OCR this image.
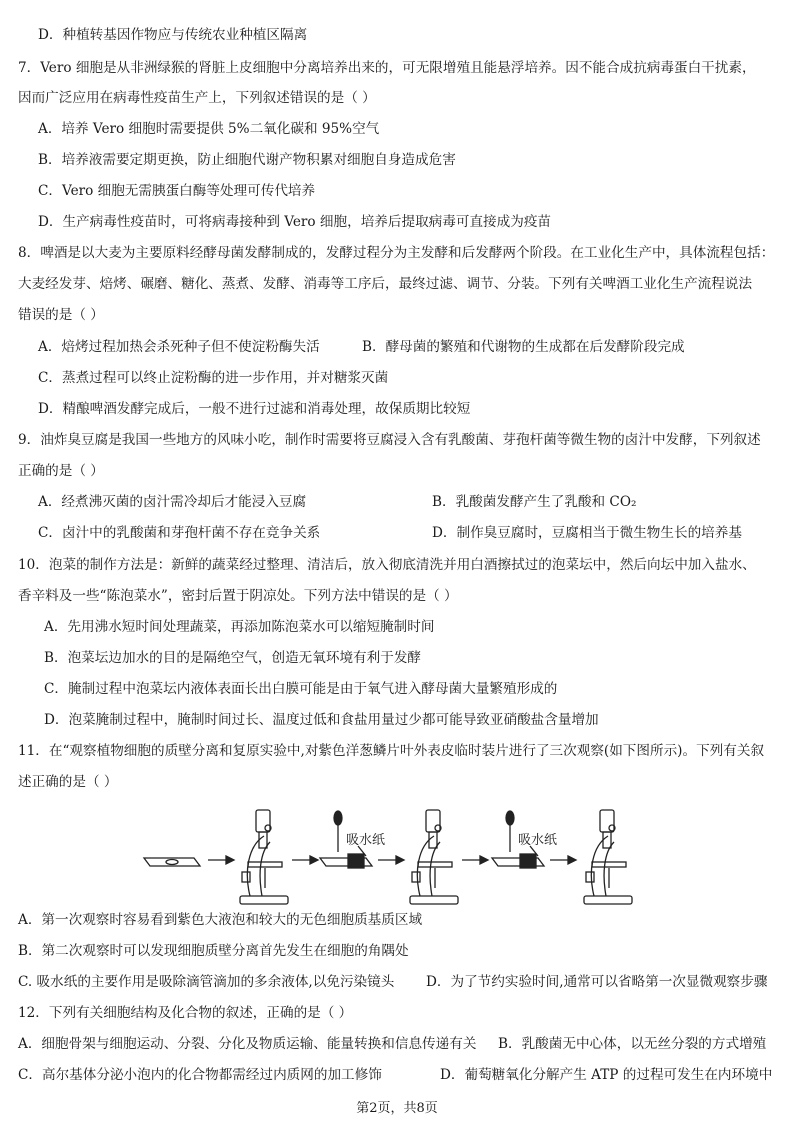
D．种植转基因作物应与传统农业种植区隔离
7．Vero 细胞是从非洲绿猴的肾脏上皮细胞中分离培养出来的，可无限增殖且能悬浮培养。因不能合成抗病毒蛋白干扰素，
因而广泛应用在病毒性疫苗生产上，下列叙述错误的是（ ）
A．培养 Vero 细胞时需要提供 5%二氧化碳和 95%空气
B．培养液需要定期更换，防止细胞代谢产物积累对细胞自身造成危害
C．Vero 细胞无需胰蛋白酶等处理可传代培养
D．生产病毒性疫苗时，可将病毒接种到 Vero 细胞，培养后提取病毒可直接成为疫苗
8．啤酒是以大麦为主要原料经酵母菌发酵制成的，发酵过程分为主发酵和后发酵两个阶段。在工业化生产中，具体流程包括：
大麦经发芽、焙烤、碾磨、糖化、蒸煮、发酵、消毒等工序后，最终过滤、调节、分装。下列有关啤酒工业化生产流程说法
错误的是（ ）
A．焙烤过程加热会杀死种子但不使淀粉酶失活	B．酵母菌的繁殖和代谢物的生成都在后发酵阶段完成
C．蒸煮过程可以终止淀粉酶的进一步作用，并对糖浆灭菌
D．精酿啤酒发酵完成后，一般不进行过滤和消毒处理，故保质期比较短
9．油炸臭豆腐是我国一些地方的风味小吃，制作时需要将豆腐浸入含有乳酸菌、芽孢杆菌等微生物的卤汁中发酵，下列叙述
正确的是（ ）
A．经煮沸灭菌的卤汁需冷却后才能浸入豆腐	B．乳酸菌发酵产生了乳酸和 CO₂
C．卤汁中的乳酸菌和芽孢杆菌不存在竞争关系	D．制作臭豆腐时，豆腐相当于微生物生长的培养基
10．泡菜的制作方法是：新鲜的蔬菜经过整理、清洁后，放入彻底清洗并用白酒擦拭过的泡菜坛中，然后向坛中加入盐水、
香辛料及一些“陈泡菜水”，密封后置于阴凉处。下列方法中错误的是（ ）
A．先用沸水短时间处理蔬菜，再添加陈泡菜水可以缩短腌制时间
B．泡菜坛边加水的目的是隔绝空气，创造无氧环境有利于发酵
C．腌制过程中泡菜坛内液体表面长出白膜可能是由于氧气进入酵母菌大量繁殖形成的
D．泡菜腌制过程中，腌制时间过长、温度过低和食盐用量过少都可能导致亚硝酸盐含量增加
11．在“观察植物细胞的质壁分离和复原实验中,对紫色洋葱鳞片叶外表皮临时装片进行了三次观察(如下图所示)。下列有关叙
述正确的是（ ）
吸水纸	吸水纸
A．第一次观察时容易看到紫色大液泡和较大的无色细胞质基质区域
B．第二次观察时可以发现细胞质壁分离首先发生在细胞的角隅处
C. 吸水纸的主要作用是吸除滴管滴加的多余液体,以免污染镜头 D．为了节约实验时间,通常可以省略第一次显微观察步骤
12．下列有关细胞结构及化合物的叙述，正确的是（ ）
A．细胞骨架与细胞运动、分裂、分化及物质运输、能量转换和信息传递有关 B．乳酸菌无中心体，以无丝分裂的方式增殖
C．高尔基体分泌小泡内的化合物都需经过内质网的加工修饰	D．葡萄糖氧化分解产生 ATP 的过程可发生在内环境中
第2页，共8页
